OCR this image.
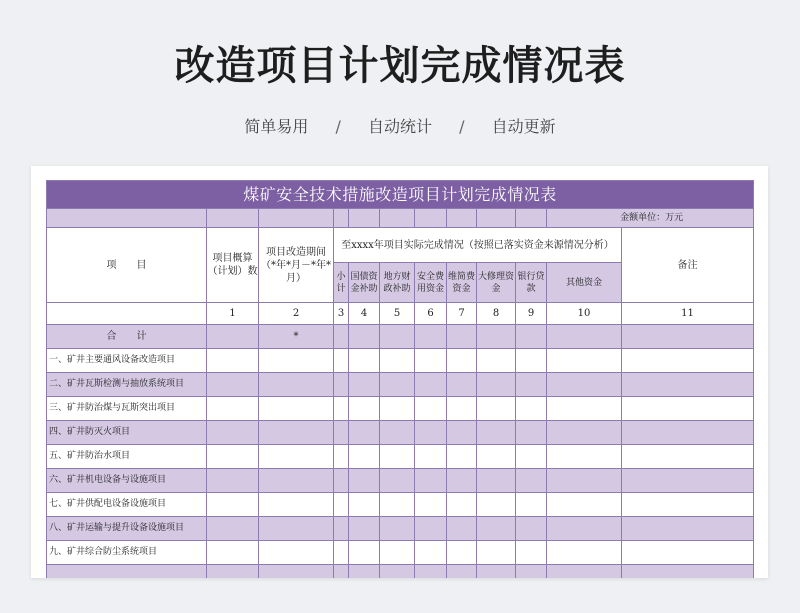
改造项目计划完成情况表
简单易用 / 自动统计 / 自动更新
煤矿安全技术措施改造项目计划完成情况表											
										金额单位：万元	
项　　目	项目概算（计划）数	项目改造期间（*年*月－*年*月）	至xxxx年项目实际完成情况（按照已落实资金来源情况分析）								备注
			小计	国债资金补助	地方财政补助	安全费用资金	维简费资金	大修理资金	银行贷款	其他资金	
	1	2	3	4	5	6	7	8	9	10	11
合　　计		*									
一、矿井主要通风设备改造项目											
二、矿井瓦斯检测与抽放系统项目											
三、矿井防治煤与瓦斯突出项目											
四、矿井防灭火项目											
五、矿井防治水项目											
六、矿井机电设备与设施项目											
七、矿井供配电设备设施项目											
八、矿井运输与提升设备设施项目											
九、矿井综合防尘系统项目											
